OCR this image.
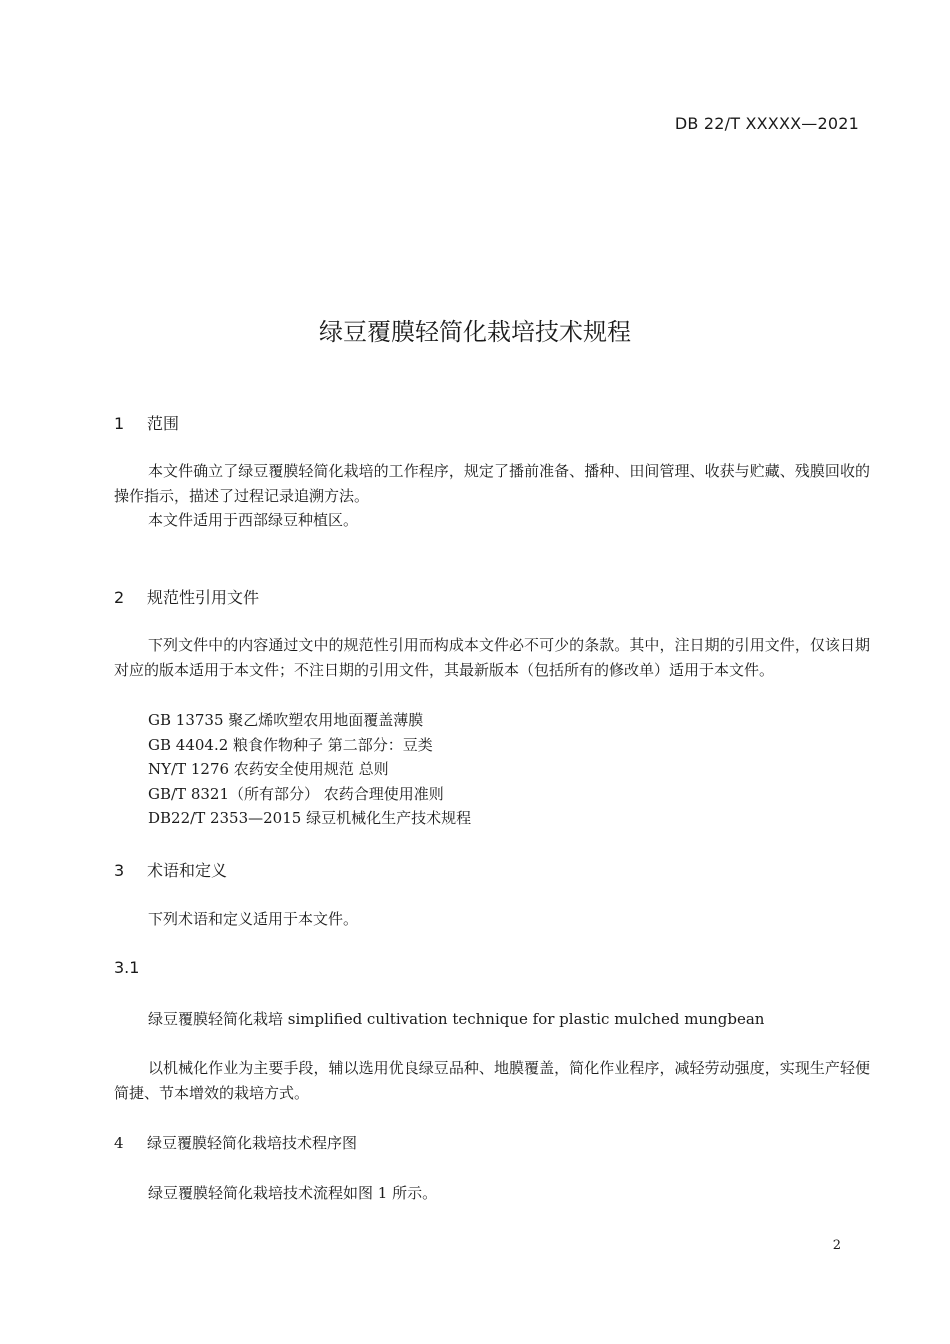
DB 22/T XXXXX—2021
绿豆覆膜轻简化栽培技术规程
1 范围

本文件确立了绿豆覆膜轻简化栽培的工作程序，规定了播前准备、播种、田间管理、收获与贮藏、残膜回收的操作指示，描述了过程记录追溯方法。

本文件适用于西部绿豆种植区。

2 规范性引用文件

下列文件中的内容通过文中的规范性引用而构成本文件必不可少的条款。其中，注日期的引用文件，仅该日期对应的版本适用于本文件；不注日期的引用文件，其最新版本（包括所有的修改单）适用于本文件。

GB 13735 聚乙烯吹塑农用地面覆盖薄膜
GB 4404.2 粮食作物种子 第二部分：豆类
NY/T 1276 农药安全使用规范 总则
GB/T 8321（所有部分） 农药合理使用准则
DB22/T 2353—2015 绿豆机械化生产技术规程
3 术语和定义

下列术语和定义适用于本文件。

3.1

绿豆覆膜轻简化栽培 simplified cultivation technique for plastic mulched mungbean

以机械化作业为主要手段，辅以选用优良绿豆品种、地膜覆盖，简化作业程序，减轻劳动强度，实现生产轻便简捷、节本增效的栽培方式。

4 绿豆覆膜轻简化栽培技术程序图

绿豆覆膜轻简化栽培技术流程如图 1 所示。

2
